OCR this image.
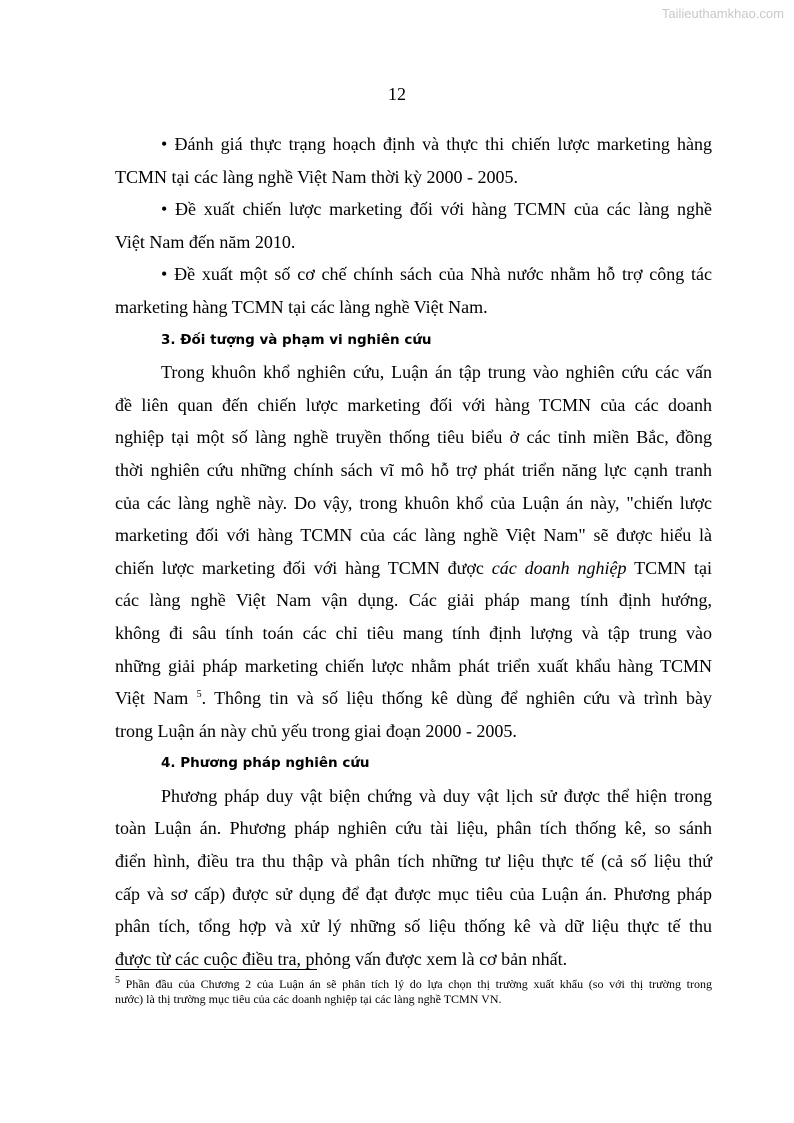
Tailieuthamkhao.com
12
• Đánh giá thực trạng hoạch định và thực thi chiến lược marketing hàng
TCMN tại các làng nghề Việt Nam thời kỳ 2000 - 2005.
• Đề xuất chiến lược marketing đối với hàng TCMN của các làng nghề
Việt Nam đến năm 2010.
• Đề xuất một số cơ chế chính sách của Nhà nước nhằm hỗ trợ công tác
marketing hàng TCMN tại các làng nghề Việt Nam.
3. Đối tượng và phạm vi nghiên cứu
Trong khuôn khổ nghiên cứu, Luận án tập trung vào nghiên cứu các vấn
đề liên quan đến chiến lược marketing đối với hàng TCMN của các doanh
nghiệp tại một số làng nghề truyền thống tiêu biểu ở các tỉnh miền Bắc, đồng
thời nghiên cứu những chính sách vĩ mô hỗ trợ phát triển năng lực cạnh tranh
của các làng nghề này. Do vậy, trong khuôn khổ của Luận án này, "chiến lược
marketing đối với hàng TCMN của các làng nghề Việt Nam" sẽ được hiểu là
chiến lược marketing đối với hàng TCMN được các doanh nghiệp TCMN tại
các làng nghề Việt Nam vận dụng. Các giải pháp mang tính định hướng,
không đi sâu tính toán các chỉ tiêu mang tính định lượng và tập trung vào
những giải pháp marketing chiến lược nhằm phát triển xuất khẩu hàng TCMN
Việt Nam $^5$. Thông tin và số liệu thống kê dùng để nghiên cứu và trình bày
trong Luận án này chủ yếu trong giai đoạn 2000 - 2005.
4. Phương pháp nghiên cứu
Phương pháp duy vật biện chứng và duy vật lịch sử được thể hiện trong
toàn Luận án. Phương pháp nghiên cứu tài liệu, phân tích thống kê, so sánh
điển hình, điều tra thu thập và phân tích những tư liệu thực tế (cả số liệu thứ
cấp và sơ cấp) được sử dụng để đạt được mục tiêu của Luận án. Phương pháp
phân tích, tổng hợp và xử lý những số liệu thống kê và dữ liệu thực tế thu
được từ các cuộc điều tra, phỏng vấn được xem là cơ bản nhất.
$^5$ Phần đầu của Chương 2 của Luận án sẽ phân tích lý do lựa chọn thị trường xuất khẩu (so với thị trường trong
nước) là thị trường mục tiêu của các doanh nghiệp tại các làng nghề TCMN VN.
